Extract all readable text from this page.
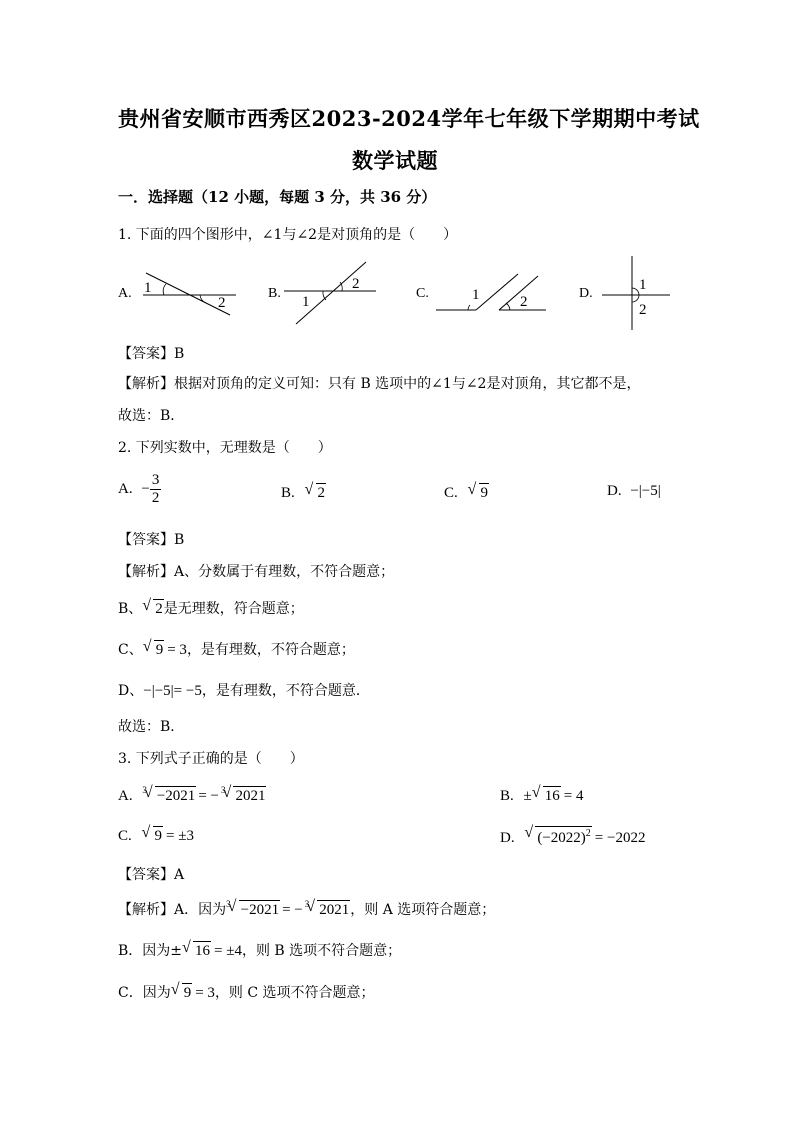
贵州省安顺市西秀区2023-2024学年七年级下学期期中考试
数学试题
一．选择题（12 小题，每题 3 分，共 36 分）
1. 下面的四个图形中，∠1与∠2是对顶角的是（　　）
A. 1
2
B.
1
2
C.	1	2
D.
1
2
【答案】B
【解析】根据对顶角的定义可知：只有 B 选项中的∠1与∠2是对顶角，其它都不是，
故选：B．
2. 下列实数中，无理数是（　　）
A. − $\frac{3}{2}$	B. √ 2	C. √ 9	D. −|−5|
【答案】B
【解析】A、分数属于有理数，不符合题意；
B、 √ 2是无理数，符合题意；
C、 √ 9 = 3，是有理数，不符合题意；
D、−|−5|= −5，是有理数，不符合题意．
故选：B．
3. 下列式子正确的是（　　）
A. $^3$ √ −2021 = − $^3$ √ 2021	B. ± √ 16 = 4
C. √ 9 = ±3	D. √ $(-2022)^2 = -2022$
【答案】A
【解析】A．因为$^3$ √ −2021 = − $^3$ √ 2021，则 A 选项符合题意；
B．因为± √ 16 = ±4，则 B 选项不符合题意；
C．因为 √ 9 = 3，则 C 选项不符合题意；
